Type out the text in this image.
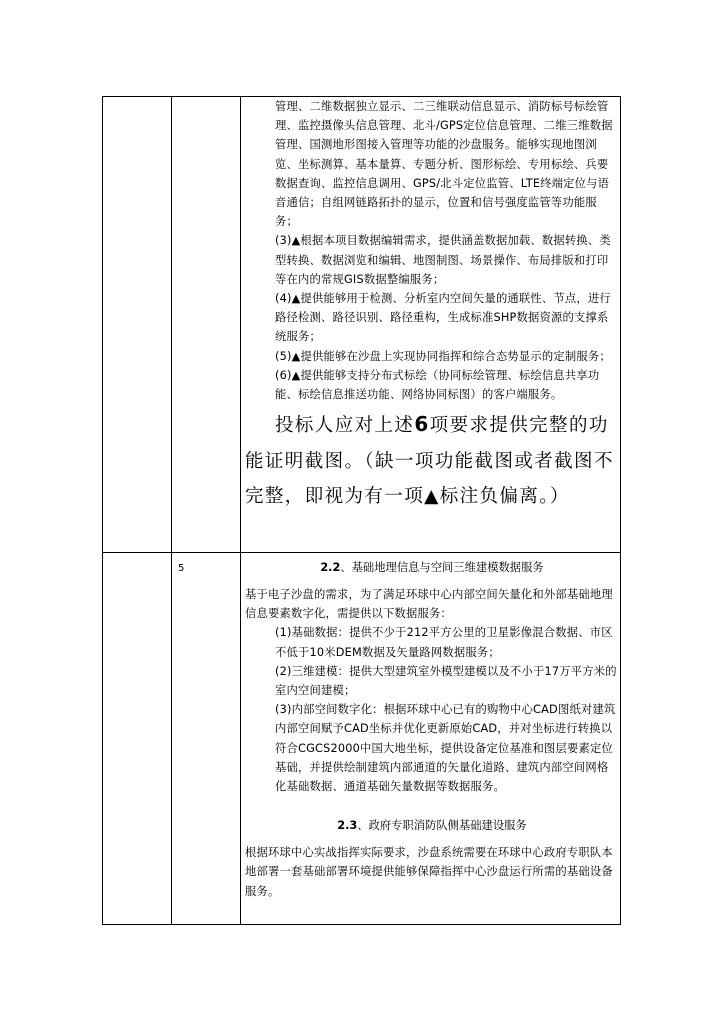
管理、二维数据独立显示、二三维联动信息显示、消防标号标绘管理、监控摄像头信息管理、北斗/GPS定位信息管理、二维三维数据管理、国测地形图接入管理等功能的沙盘服务。能够实现地图浏览、坐标测算、基本量算、专题分析、图形标绘、专用标绘、兵要数据查询、监控信息调用、GPS/北斗定位监管、LTE终端定位与语音通信；自组网链路拓扑的显示，位置和信号强度监管等功能服务；

(3)▲根据本项目数据编辑需求，提供涵盖数据加载、数据转换、类型转换、数据浏览和编辑、地图制图、场景操作、布局排版和打印等在内的常规GIS数据整编服务；

(4)▲提供能够用于检测、分析室内空间矢量的通联性、节点，进行路径检测、路径识别、路径重构，生成标准SHP数据资源的支撑系统服务；

(5)▲提供能够在沙盘上实现协同指挥和综合态势显示的定制服务；

(6)▲提供能够支持分布式标绘（协同标绘管理、标绘信息共享功能、标绘信息推送功能、网络协同标图）的客户端服务。

投标人应对上述6项要求提供完整的功能证明截图。（缺一项功能截图或者截图不完整，即视为有一项▲标注负偏离。）

5	2.2、基础地理信息与空间三维建模数据服务

基于电子沙盘的需求，为了满足环球中心内部空间矢量化和外部基础地理信息要素数字化，需提供以下数据服务：

(1)基础数据：提供不少于212平方公里的卫星影像混合数据、市区不低于10米DEM数据及矢量路网数据服务；

(2)三维建模：提供大型建筑室外模型建模以及不小于17万平方米的室内空间建模；

(3)内部空间数字化：根据环球中心已有的购物中心CAD图纸对建筑内部空间赋予CAD坐标并优化更新原始CAD，并对坐标进行转换以符合CGCS2000中国大地坐标，提供设备定位基准和图层要素定位基础，并提供绘制建筑内部通道的矢量化道路、建筑内部空间网格化基础数据、通道基础矢量数据等数据服务。

2.3、政府专职消防队侧基础建设服务

根据环球中心实战指挥实际要求，沙盘系统需要在环球中心政府专职队本地部署一套基础部署环境提供能够保障指挥中心沙盘运行所需的基础设备服务。
